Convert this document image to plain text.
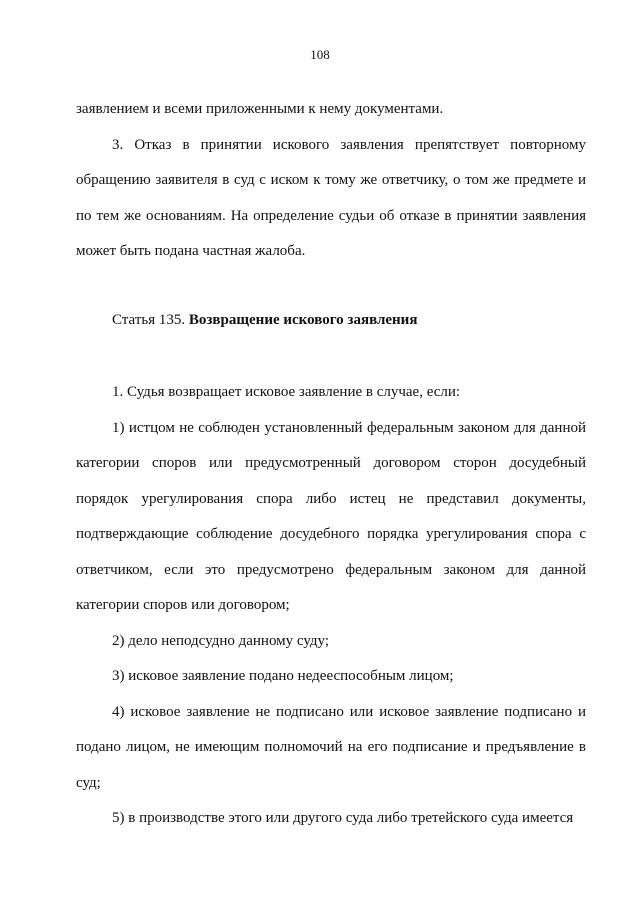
108

заявлением и всеми приложенными к нему документами.

3. Отказ в принятии искового заявления препятствует повторному обращению заявителя в суд с иском к тому же ответчику, о том же предмете и по тем же основаниям. На определение судьи об отказе в принятии заявления может быть подана частная жалоба.

Статья 135. Возвращение искового заявления

1. Судья возвращает исковое заявление в случае, если:

1) истцом не соблюден установленный федеральным законом для данной категории споров или предусмотренный договором сторон досудебный порядок урегулирования спора либо истец не представил документы, подтверждающие соблюдение досудебного порядка урегулирования спора с ответчиком, если это предусмотрено федеральным законом для данной категории споров или договором;

2) дело неподсудно данному суду;

3) исковое заявление подано недееспособным лицом;

4) исковое заявление не подписано или исковое заявление подписано и подано лицом, не имеющим полномочий на его подписание и предъявление в суд;

5) в производстве этого или другого суда либо третейского суда имеется
